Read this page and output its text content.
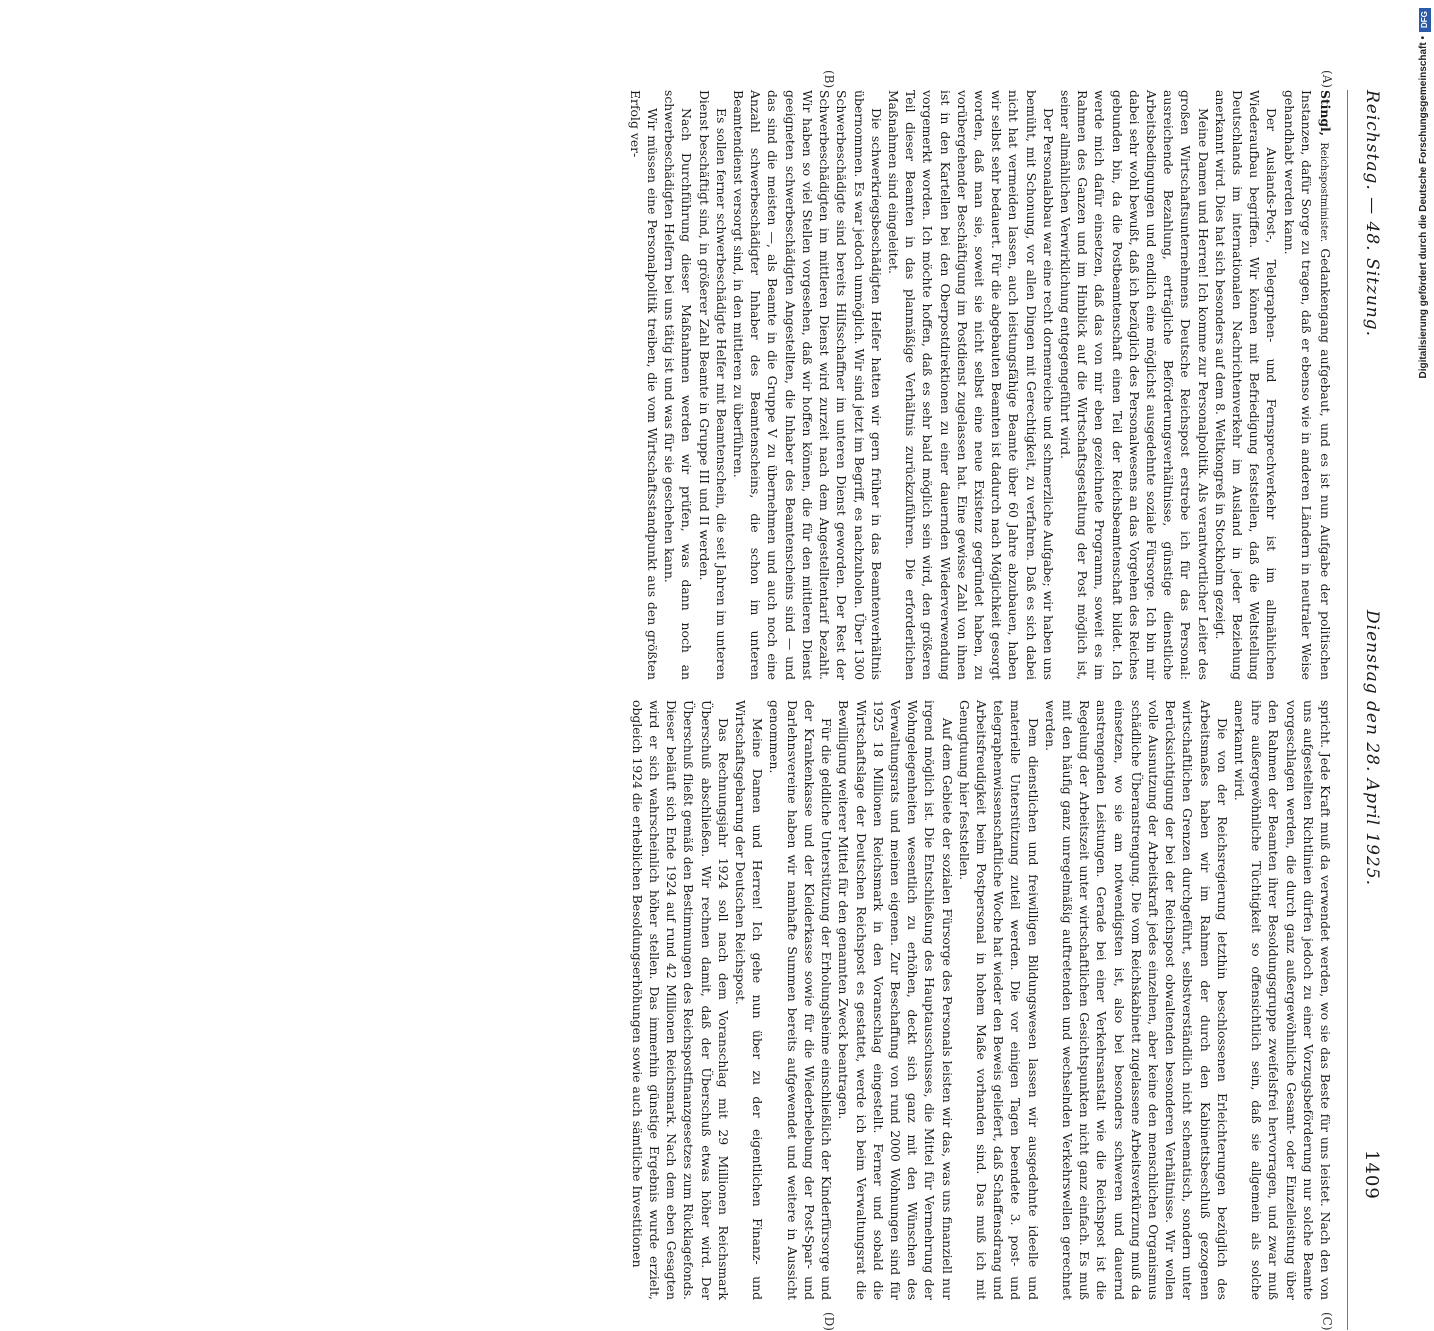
Reichstag. — 48. Sitzung.
Dienstag den 28. April 1925.
1409
(A)
(B)
(C)
(D)

Stingl, Reichspostminister. Gedankengang aufgebaut, und es ist nun Aufgabe der politischen Instanzen, dafür Sorge zu tragen, daß er ebenso wie in anderen Ländern in neutraler Weise gehandhabt werden kann.

Der Auslands-Post-, Telegraphen- und Fernsprechverkehr ist im allmählichen Wiederaufbau begriffen. Wir können mit Befriedigung feststellen, daß die Weltstellung Deutschlands im internationalen Nachrichtenverkehr im Ausland in jeder Beziehung anerkannt wird. Dies hat sich besonders auf dem 8. Weltkongreß in Stockholm gezeigt.

Meine Damen und Herren! Ich komme zur Personalpolitik. Als verantwortlicher Leiter des großen Wirtschaftsunternehmens Deutsche Reichspost erstrebe ich für das Personal: ausreichende Bezahlung, erträgliche Beförderungsverhältnisse, günstige dienstliche Arbeitsbedingungen und endlich eine möglichst ausgedehnte soziale Fürsorge. Ich bin mir dabei sehr wohl bewußt, daß ich bezüglich des Personalwesens an das Vorgehen des Reiches gebunden bin, da die Postbeamtenschaft einen Teil der Reichsbeamtenschaft bildet. Ich werde mich dafür einsetzen, daß das von mir eben gezeichnete Programm, soweit es im Rahmen des Ganzen und im Hinblick auf die Wirtschaftsgestaltung der Post möglich ist, seiner allmählichen Verwirklichung entgegengeführt wird.

Der Personalabbau war eine recht dornenreiche und schmerzliche Aufgabe; wir haben uns bemüht, mit Schonung, vor allen Dingen mit Gerechtigkeit, zu verfahren. Daß es sich dabei nicht hat vermeiden lassen, auch leistungsfähige Beamte über 60 Jahre abzubauen, haben wir selbst sehr bedauert. Für die abgebauten Beamten ist dadurch nach Möglichkeit gesorgt worden, daß man sie, soweit sie nicht selbst eine neue Existenz gegründet haben, zu vorübergehender Beschäftigung im Postdienst zugelassen hat. Eine gewisse Zahl von ihnen ist in den Kartellen bei den Oberpostdirektionen zu einer dauernden Wiederverwendung vorgemerkt worden. Ich möchte hoffen, daß es sehr bald möglich sein wird, den größeren Teil dieser Beamten in das planmäßige Verhältnis zurückzuführen. Die erforderlichen Maßnahmen sind eingeleitet.

Die schwerkriegsbeschädigten Helfer hatten wir gern früher in das Beamtenverhältnis übernommen. Es war jedoch unmöglich. Wir sind jetzt im Begriff, es nachzuholen. Über 1300 Schwerbeschädigte sind bereits Hilfsschaffner im unteren Dienst geworden. Der Rest der Schwerbeschädigten im mittleren Dienst wird zurzeit nach dem Angestelltentarif bezahlt. Wir haben so viel Stellen vorgesehen, daß wir hoffen können, die für den mittleren Dienst geeigneten schwerbeschädigten Angestellten, die Inhaber des Beamtenscheins sind — und das sind die meisten —, als Beamte in die Gruppe V zu übernehmen und auch noch eine Anzahl schwerbeschädigter Inhaber des Beamtenscheins, die schon im unteren Beamtendienst versorgt sind, in den mittleren zu überführen.

Es sollen ferner schwerbeschädigte Helfer mit Beamtenschein, die seit Jahren im unteren Dienst beschäftigt sind, in größerer Zahl Beamte in Gruppe III und II werden.

Nach Durchführung dieser Maßnahmen werden wir prüfen, was dann noch an schwerbeschädigten Helfern bei uns tätig ist und was für sie geschehen kann.

Wir müssen eine Personalpolitik treiben, die vom Wirtschaftsstandpunkt aus den größten Erfolg ver-

spricht. Jede Kraft muß da verwendet werden, wo sie das Beste für uns leistet. Nach den von uns aufgestellten Richtlinien dürfen jedoch zu einer Vorzugsbeförderung nur solche Beamte vorgeschlagen werden, die durch ganz außergewöhnliche Gesamt- oder Einzelleistung über den Rahmen der Beamten ihrer Besoldungsgruppe zweifelsfrei hervorragen, und zwar muß ihre außergewöhnliche Tüchtigkeit so offensichtlich sein, daß sie allgemein als solche anerkannt wird.

Die von der Reichsregierung letzthin beschlossenen Erleichterungen bezüglich des Arbeitsmaßes haben wir im Rahmen der durch den Kabinettsbeschluß gezogenen wirtschaftlichen Grenzen durchgeführt, selbstverständlich nicht schematisch, sondern unter Berücksichtigung der bei der Reichspost obwaltenden besonderen Verhältnisse. Wir wollen volle Ausnutzung der Arbeitskraft jedes einzelnen, aber keine den menschlichen Organismus schädliche Überanstrengung. Die vom Reichskabinett zugelassene Arbeitsverkürzung muß da einsetzen, wo sie am notwendigsten ist, also bei besonders schweren und dauernd anstrengenden Leistungen. Gerade bei einer Verkehrsanstalt wie die Reichspost ist die Regelung der Arbeitszeit unter wirtschaftlichen Gesichtspunkten nicht ganz einfach. Es muß mit den häufig ganz unregelmäßig auftretenden und wechselnden Verkehrswellen gerechnet werden.

Dem dienstlichen und freiwilligen Bildungswesen lassen wir ausgedehnte ideelle und materielle Unterstützung zuteil werden. Die vor einigen Tagen beendete 3. post- und telegraphenwissenschaftliche Woche hat wieder den Beweis geliefert, daß Schaffensdrang und Arbeitsfreudigkeit beim Postpersonal in hohem Maße vorhanden sind. Das muß ich mit Genugtuung hier feststellen.

Auf dem Gebiete der sozialen Fürsorge des Personals leisten wir das, was uns finanziell nur irgend möglich ist. Die Entschließung des Hauptausschusses, die Mittel für Vermehrung der Wohngelegenheiten wesentlich zu erhöhen, deckt sich ganz mit den Wünschen des Verwaltungsrats und meinen eigenen. Zur Beschaffung von rund 2000 Wohnungen sind für 1925 18 Millionen Reichsmark in den Voranschlag eingestellt. Ferner und sobald die Wirtschaftslage der Deutschen Reichspost es gestattet, werde ich beim Verwaltungsrat die Bewilligung weiterer Mittel für den genannten Zweck beantragen.

Für die geldliche Unterstützung der Erholungsheime einschließlich der Kinderfürsorge und der Krankenkasse und der Kleiderkasse sowie für die Wiederbelebung der Post-Spar- und Darlehnsvereine haben wir namhafte Summen bereits aufgewendet und weitere in Aussicht genommen.

Meine Damen und Herren! Ich gehe nun über zu der eigentlichen Finanz- und Wirtschaftsgebarung der Deutschen Reichspost.

Das Rechnungsjahr 1924 soll nach dem Voranschlag mit 29 Millionen Reichsmark Überschuß abschließen. Wir rechnen damit, daß der Überschuß etwas höher wird. Der Überschuß fließt gemäß den Bestimmungen des Reichspostfinanzgesetzes zum Rücklagefonds. Dieser beläuft sich Ende 1924 auf rund 42 Millionen Reichsmark. Nach dem eben Gesagten wird er sich wahrscheinlich höher stellen. Das immerhin günstige Ergebnis wurde erzielt, obgleich 1924 die erheblichen Besoldungserhöhungen sowie auch sämtliche Investitionen

DFG
Digitalisierung gefördert durch die Deutsche Forschungsgemeinschaft •
